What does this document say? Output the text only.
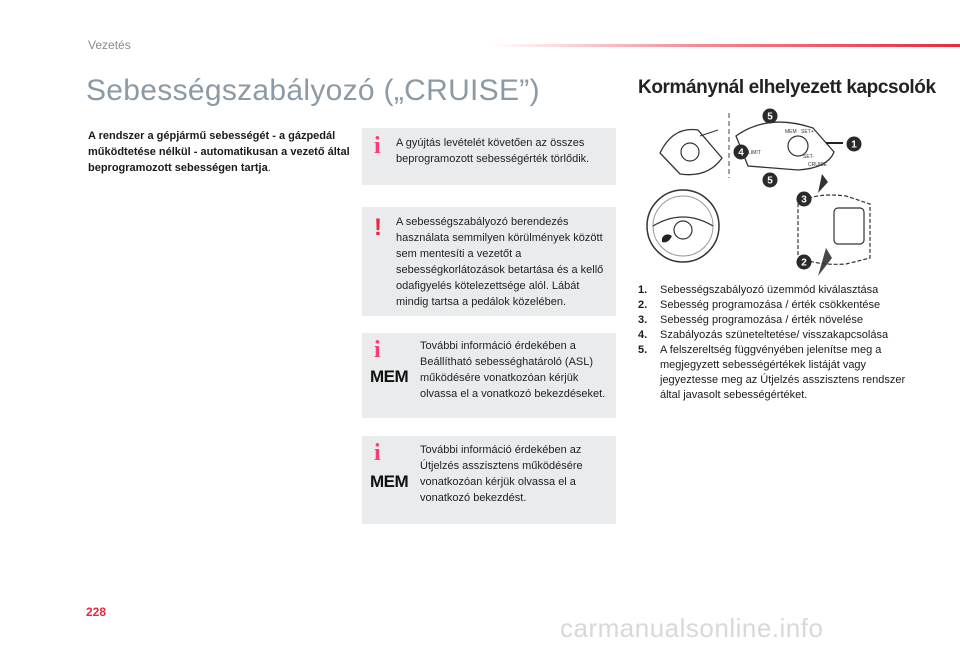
Vezetés
Sebességszabályozó („CRUISE”)
A rendszer a gépjármű sebességét - a gázpedál működtetése nélkül - automatikusan a vezető által beprogramozott sebességen tartja.
i A gyújtás levételét követően az összes beprogramozott sebességérték törlődik.
! A sebességszabályozó berendezés használata semmilyen körülmények között sem mentesíti a vezetőt a sebességkorlátozások betartása és a kellő odafigyelés kötelezettsége alól. Lábát mindig tartsa a pedálok közelében.
i
MEM
További információ érdekében a Beállítható sebességhatároló (ASL) működésére vonatkozóan kérjük olvassa el a vonatkozó bekezdéseket.
i
MEM
További információ érdekében az Útjelzés asszisztens működésére vonatkozóan kérjük olvassa el a vonatkozó bekezdést.
Kormánynál elhelyezett kapcsolók
MEM SET+
SET-
CRUISE
LIMIT
5
4
1
5
3
2
1.	Sebességszabályozó üzemmód kiválasztása
2.	Sebesség programozása / érték csökkentése
3.	Sebesség programozása / érték növelése
4.	Szabályozás szüneteltetése/ visszakapcsolása
5.	A felszereltség függvényében jelenítse meg a megjegyzett sebességértékek listáját vagy jegyeztesse meg az Útjelzés asszisztens rendszer által javasolt sebességértéket.
228
carmanualsonline.info
